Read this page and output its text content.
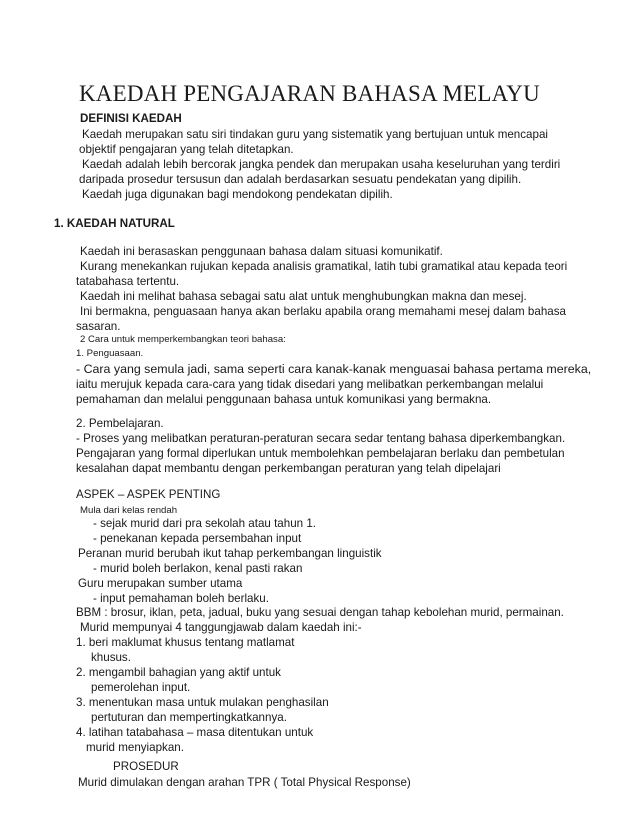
KAEDAH PENGAJARAN BAHASA MELAYU

DEFINISI KAEDAH

Kaedah merupakan satu siri tindakan guru yang sistematik yang bertujuan untuk mencapai

objektif pengajaran yang telah ditetapkan.

Kaedah adalah lebih bercorak jangka pendek dan merupakan usaha keseluruhan yang terdiri

daripada prosedur tersusun dan adalah berdasarkan sesuatu pendekatan yang dipilih.

Kaedah juga digunakan bagi mendokong pendekatan dipilih.

1. KAEDAH NATURAL

Kaedah ini berasaskan penggunaan bahasa dalam situasi komunikatif.

Kurang menekankan rujukan kepada analisis gramatikal, latih tubi gramatikal atau kepada teori

tatabahasa tertentu.

Kaedah ini melihat bahasa sebagai satu alat untuk menghubungkan makna dan mesej.

Ini bermakna, penguasaan hanya akan berlaku apabila orang memahami mesej dalam bahasa

sasaran.

2 Cara untuk memperkembangkan teori bahasa:

1. Penguasaan.

- Cara yang semula jadi, sama seperti cara kanak-kanak menguasai bahasa pertama mereka,

iaitu merujuk kepada cara-cara yang tidak disedari yang melibatkan perkembangan melalui

pemahaman dan melalui penggunaan bahasa untuk komunikasi yang bermakna.

2. Pembelajaran.

- Proses yang melibatkan peraturan-peraturan secara sedar tentang bahasa diperkembangkan.

Pengajaran yang formal diperlukan untuk membolehkan pembelajaran berlaku dan pembetulan

kesalahan dapat membantu dengan perkembangan peraturan yang telah dipelajari

ASPEK – ASPEK PENTING

Mula dari kelas rendah

- sejak murid dari pra sekolah atau tahun 1.

- penekanan kepada persembahan input

Peranan murid berubah ikut tahap perkembangan linguistik

- murid boleh berlakon, kenal pasti rakan

Guru merupakan sumber utama

- input pemahaman boleh berlaku.

BBM : brosur, iklan, peta, jadual, buku yang sesuai dengan tahap kebolehan murid, permainan.

Murid mempunyai 4 tanggungjawab dalam kaedah ini:-

1. beri maklumat khusus tentang matlamat

khusus.

2. mengambil bahagian yang aktif untuk

pemerolehan input.

3. menentukan masa untuk mulakan penghasilan

pertuturan dan mempertingkatkannya.

4. latihan tatabahasa – masa ditentukan untuk

murid menyiapkan.

PROSEDUR

Murid dimulakan dengan arahan TPR ( Total Physical Response)
